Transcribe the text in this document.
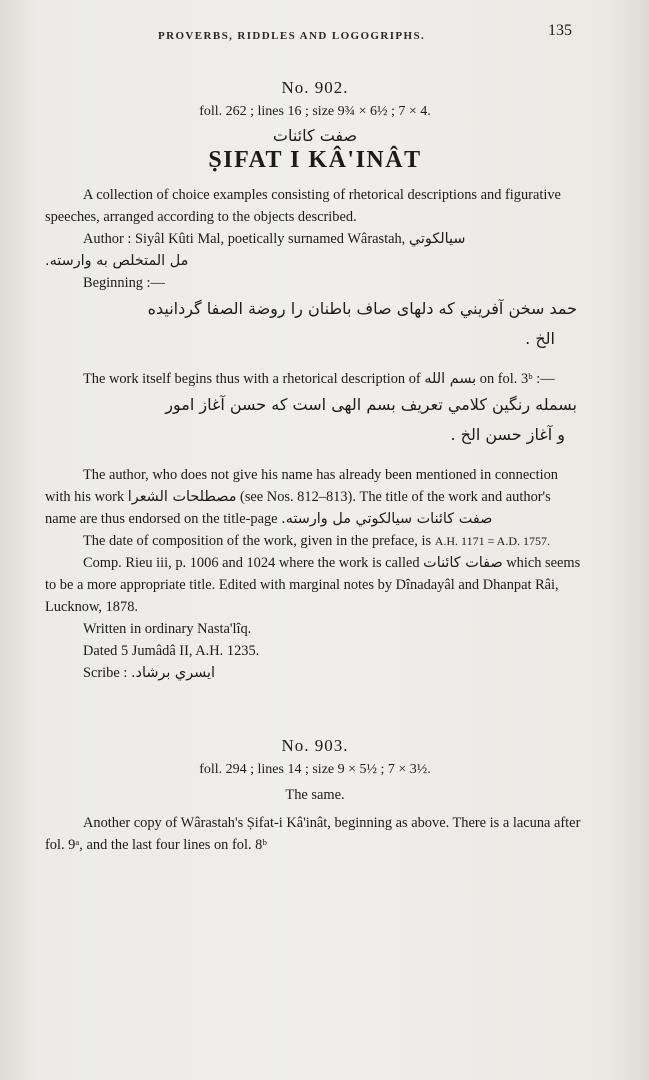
PROVERBS, RIDDLES AND LOGOGRIPHS.	135
No. 902.
foll. 262 ; lines 16 ; size 9¾ × 6½ ; 7 × 4.
صفت كائنات
ṢIFAT I KÂ'INÂT

A collection of choice examples consisting of rhetorical descriptions and figurative speeches, arranged according to the objects described.

Author : Siyâl Kûti Mal, poetically surnamed Wârastah, سيالكوتي

مل المتخلص به وارسته.

Beginning :—

حمد سخن آفريني كه دلهاى صاف باطنان را روضة الصفا گردانيده
الخ .

The work itself begins thus with a rhetorical description of بسم الله on fol. 3ᵇ :—

بسمله رنگين كلامي تعريف بسم الهى است كه حسن آغاز امور
و آغاز حسن الخ .

The author, who does not give his name has already been mentioned in connection with his work مصطلحات الشعرا (see Nos. 812–813). The title of the work and author's name are thus endorsed on the title-page صفت كائنات سيالكوتي مل وارسته.

The date of composition of the work, given in the preface, is A.H. 1171 = A.D. 1757.

Comp. Rieu iii, p. 1006 and 1024 where the work is called صفات كائنات which seems to be a more appropriate title. Edited with marginal notes by Dînadayâl and Dhanpat Râi, Lucknow, 1878.

Written in ordinary Nasta'lîq.

Dated 5 Jumâdâ II, A.H. 1235.

Scribe : ايسري برشاد.

No. 903.
foll. 294 ; lines 14 ; size 9 × 5½ ; 7 × 3½.

The same.

Another copy of Wârastah's Ṣifat-i Kâ'inât, beginning as above. There is a lacuna after fol. 9ᵃ, and the last four lines on fol. 8ᵇ
